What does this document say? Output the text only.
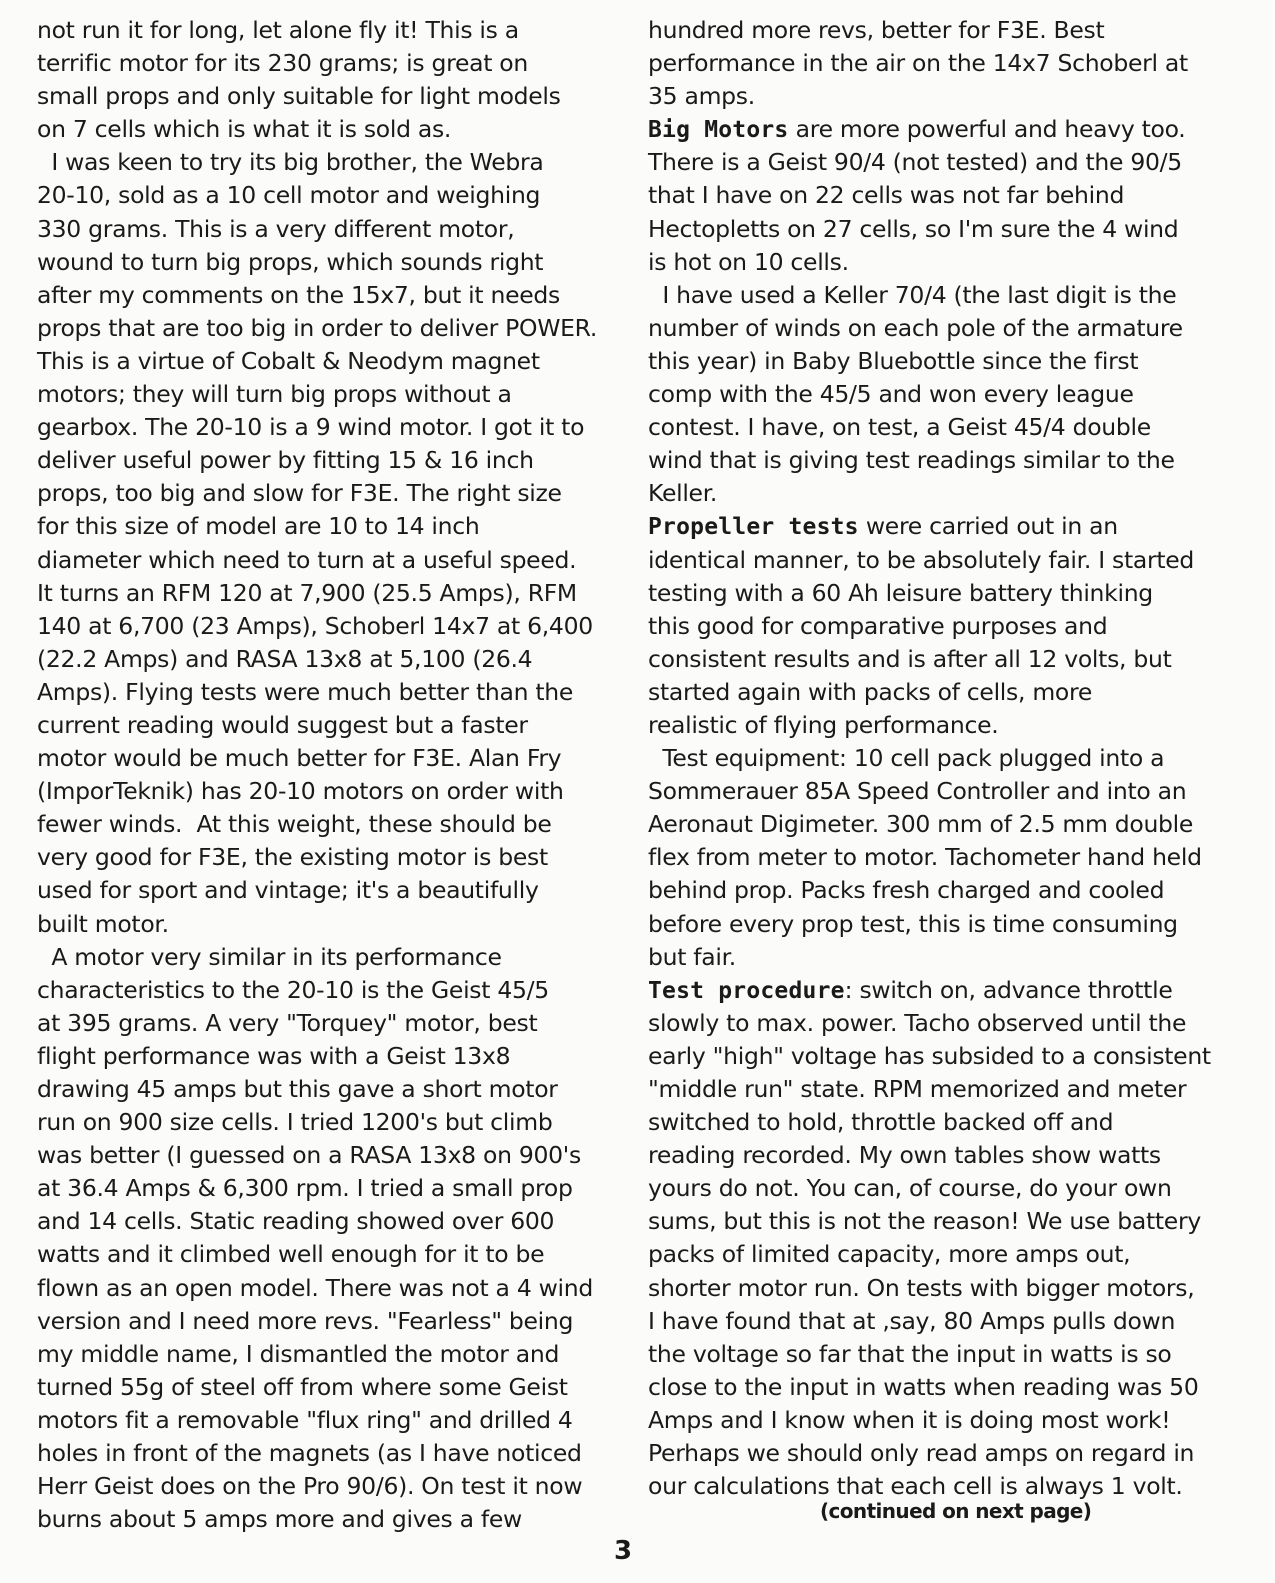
not run it for long, let alone fly it! This is a
terrific motor for its 230 grams; is great on
small props and only suitable for light models
on 7 cells which is what it is sold as.
I was keen to try its big brother, the Webra
20-10, sold as a 10 cell motor and weighing
330 grams. This is a very different motor,
wound to turn big props, which sounds right
after my comments on the 15x7, but it needs
props that are too big in order to deliver POWER.
This is a virtue of Cobalt & Neodym magnet
motors; they will turn big props without a
gearbox. The 20-10 is a 9 wind motor. I got it to
deliver useful power by fitting 15 & 16 inch
props, too big and slow for F3E. The right size
for this size of model are 10 to 14 inch
diameter which need to turn at a useful speed.
It turns an RFM 120 at 7,900 (25.5 Amps), RFM
140 at 6,700 (23 Amps), Schoberl 14x7 at 6,400
(22.2 Amps) and RASA 13x8 at 5,100 (26.4
Amps). Flying tests were much better than the
current reading would suggest but a faster
motor would be much better for F3E. Alan Fry
(ImporTeknik) has 20-10 motors on order with
fewer winds.  At this weight, these should be
very good for F3E, the existing motor is best
used for sport and vintage; it's a beautifully
built motor.
A motor very similar in its performance
characteristics to the 20-10 is the Geist 45/5
at 395 grams. A very "Torquey" motor, best
flight performance was with a Geist 13x8
drawing 45 amps but this gave a short motor
run on 900 size cells. I tried 1200's but climb
was better (I guessed on a RASA 13x8 on 900's
at 36.4 Amps & 6,300 rpm. I tried a small prop
and 14 cells. Static reading showed over 600
watts and it climbed well enough for it to be
flown as an open model. There was not a 4 wind
version and I need more revs. "Fearless" being
my middle name, I dismantled the motor and
turned 55g of steel off from where some Geist
motors fit a removable "flux ring" and drilled 4
holes in front of the magnets (as I have noticed
Herr Geist does on the Pro 90/6). On test it now
burns about 5 amps more and gives a few
hundred more revs, better for F3E. Best
performance in the air on the 14x7 Schoberl at
35 amps.
Big Motors are more powerful and heavy too.
There is a Geist 90/4 (not tested) and the 90/5
that I have on 22 cells was not far behind
Hectopletts on 27 cells, so I'm sure the 4 wind
is hot on 10 cells.
I have used a Keller 70/4 (the last digit is the
number of winds on each pole of the armature
this year) in Baby Bluebottle since the first
comp with the 45/5 and won every league
contest. I have, on test, a Geist 45/4 double
wind that is giving test readings similar to the
Keller.
Propeller tests were carried out in an
identical manner, to be absolutely fair. I started
testing with a 60 Ah leisure battery thinking
this good for comparative purposes and
consistent results and is after all 12 volts, but
started again with packs of cells, more
realistic of flying performance.
Test equipment: 10 cell pack plugged into a
Sommerauer 85A Speed Controller and into an
Aeronaut Digimeter. 300 mm of 2.5 mm double
flex from meter to motor. Tachometer hand held
behind prop. Packs fresh charged and cooled
before every prop test, this is time consuming
but fair.
Test procedure: switch on, advance throttle
slowly to max. power. Tacho observed until the
early "high" voltage has subsided to a consistent
"middle run" state. RPM memorized and meter
switched to hold, throttle backed off and
reading recorded. My own tables show watts
yours do not. You can, of course, do your own
sums, but this is not the reason! We use battery
packs of limited capacity, more amps out,
shorter motor run. On tests with bigger motors,
I have found that at ,say, 80 Amps pulls down
the voltage so far that the input in watts is so
close to the input in watts when reading was 50
Amps and I know when it is doing most work!
Perhaps we should only read amps on regard in
our calculations that each cell is always 1 volt.
(continued on next page)
3
